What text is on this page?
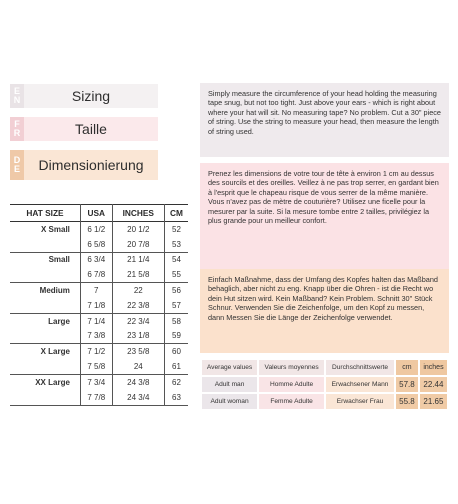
E
N	Sizing
F
R	Taille
D
E	Dimensionierung

Simply measure the circumference of your head holding the measuring tape snug, but not too tight. Just above your ears - which is right about where your hat will sit. No measuring tape? No problem. Cut a 30" piece of string. Use the string to measure your head, then measure the length of string used.

Prenez les dimensions de votre tour de tête à environ 1 cm au dessus des sourcils et des oreilles. Veillez à ne pas trop serrer, en gardant bien à l'esprit que le chapeau risque de vous serrer de la même manière. Vous n'avez pas de mètre de couturière? Utilisez une ficelle pour la mesurer par la suite. Si la mesure tombe entre 2 tailles, privilégiez la plus grande pour un meilleur confort.

Einfach Maßnahme, dass der Umfang des Kopfes halten das Maßband behaglich, aber nicht zu eng. Knapp über die Ohren - ist die Recht wo dein Hut sitzen wird. Kein Maßband? Kein Problem. Schnitt 30" Stück Schnur. Verwenden Sie die Zeichenfolge, um den Kopf zu messen, dann Messen Sie die Länge der Zeichenfolge verwendet.

HAT SIZE	USA	INCHES	CM
X Small	6 1/2	20 1/2	52
	6 5/8	20 7/8	53
Small	6 3/4	21 1/4	54
	6 7/8	21 5/8	55
Medium	7	22	56
	7 1/8	22 3/8	57
Large	7 1/4	22 3/4	58
	7 3/8	23 1/8	59
X Large	7 1/2	23 5/8	60
	7 5/8	24	61
XX Large	7 3/4	24 3/8	62
	7 7/8	24 3/4	63
Average values	Valeurs moyennes	Durchschnittswerte	cm	inches
Adult man	Homme Adulte	Erwachsener Mann	57.8	22.44
Adult woman	Femme Adulte	Erwachser Frau	55.8	21.65
